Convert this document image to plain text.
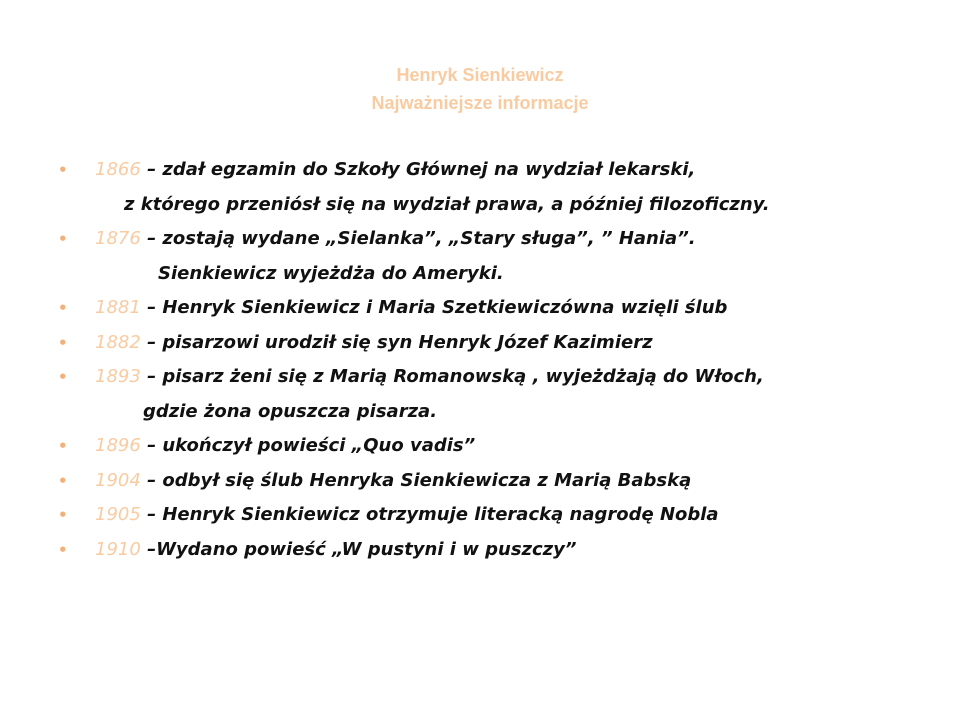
Henryk Sienkiewicz
Najważniejsze informacje
• 1866 – zdał egzamin do Szkoły Głównej na wydział lekarski,
z którego przeniósł się na wydział prawa, a później filozoficzny.
• 1876 – zostają wydane „Sielanka”, „Stary sługa”, ” Hania”.
Sienkiewicz wyjeżdża do Ameryki.
• 1881 – Henryk Sienkiewicz i Maria Szetkiewiczówna wzięli ślub
• 1882 – pisarzowi urodził się syn Henryk Józef Kazimierz
• 1893 – pisarz żeni się z Marią Romanowską , wyjeżdżają do Włoch,
gdzie żona opuszcza pisarza.
• 1896 – ukończył powieści „Quo vadis”
• 1904 – odbył się ślub Henryka Sienkiewicza z Marią Babską
• 1905 – Henryk Sienkiewicz otrzymuje literacką nagrodę Nobla
• 1910 –Wydano powieść „W pustyni i w puszczy”
